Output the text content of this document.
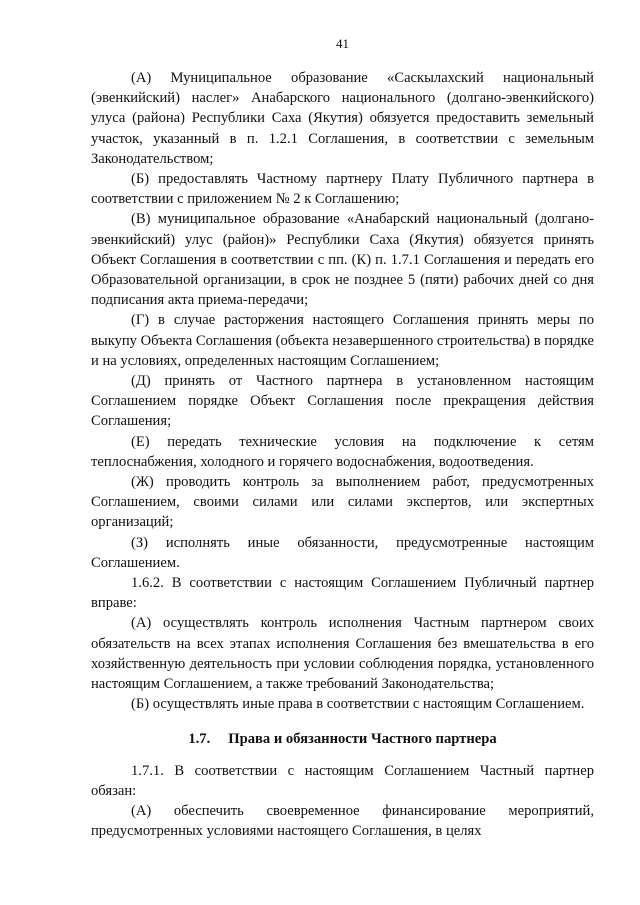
41

(А) Муниципальное образование «Саскылахский национальный (эвенкийский) наслег» Анабарского национального (долгано-эвенкийского) улуса (района) Республики Саха (Якутия) обязуется предоставить земельный участок, указанный в п. 1.2.1 Соглашения, в соответствии с земельным Законодательством;

(Б) предоставлять Частному партнеру Плату Публичного партнера в соответствии с приложением № 2 к Соглашению;

(В) муниципальное образование «Анабарский национальный (долгано-эвенкийский) улус (район)» Республики Саха (Якутия) обязуется принять Объект Соглашения в соответствии с пп. (К) п. 1.7.1 Соглашения и передать его Образовательной организации, в срок не позднее 5 (пяти) рабочих дней со дня подписания акта приема-передачи;

(Г) в случае расторжения настоящего Соглашения принять меры по выкупу Объекта Соглашения (объекта незавершенного строительства) в порядке и на условиях, определенных настоящим Соглашением;

(Д) принять от Частного партнера в установленном настоящим Соглашением порядке Объект Соглашения после прекращения действия Соглашения;

(Е) передать технические условия на подключение к сетям теплоснабжения, холодного и горячего водоснабжения, водоотведения.

(Ж) проводить контроль за выполнением работ, предусмотренных Соглашением, своими силами или силами экспертов, или экспертных организаций;

(З) исполнять иные обязанности, предусмотренные настоящим Соглашением.

1.6.2. В соответствии с настоящим Соглашением Публичный партнер вправе:

(А) осуществлять контроль исполнения Частным партнером своих обязательств на всех этапах исполнения Соглашения без вмешательства в его хозяйственную деятельность при условии соблюдения порядка, установленного настоящим Соглашением, а также требований Законодательства;

(Б) осуществлять иные права в соответствии с настоящим Соглашением.

1.7. Права и обязанности Частного партнера

1.7.1. В соответствии с настоящим Соглашением Частный партнер обязан:

(А) обеспечить своевременное финансирование мероприятий, предусмотренных условиями настоящего Соглашения, в целях
